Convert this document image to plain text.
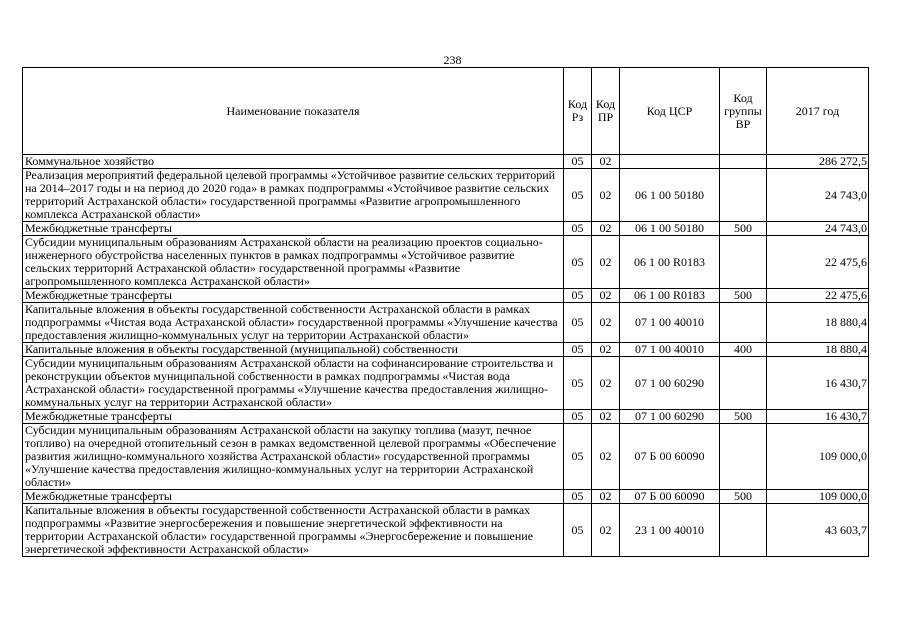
238
Наименование показателя	Код Рз	Код ПР	Код ЦСР	Код группы ВР	2017 год
Коммунальное хозяйство	05	02			286 272,5
Реализация мероприятий федеральной целевой программы «Устойчивое развитие сельских территорий на 2014–2017 годы и на период до 2020 года» в рамках подпрограммы «Устойчивое развитие сельских территорий Астраханской области» государственной программы «Развитие агропромышленного комплекса Астраханской области»	05	02	06 1 00 50180		24 743,0
Межбюджетные трансферты	05	02	06 1 00 50180	500	24 743,0
Субсидии муниципальным образованиям Астраханской области на реализацию проектов социально-инженерного обустройства населенных пунктов в рамках подпрограммы «Устойчивое развитие сельских территорий Астраханской области» государственной программы «Развитие агропромышленного комплекса Астраханской области»	05	02	06 1 00 R0183		22 475,6
Межбюджетные трансферты	05	02	06 1 00 R0183	500	22 475,6
Капитальные вложения в объекты государственной собственности Астраханской области в рамках подпрограммы «Чистая вода Астраханской области» государственной программы «Улучшение качества предоставления жилищно-коммунальных услуг на территории Астраханской области»	05	02	07 1 00 40010		18 880,4
Капитальные вложения в объекты государственной (муниципальной) собственности	05	02	07 1 00 40010	400	18 880,4
Субсидии муниципальным образованиям Астраханской области на софинансирование строительства и реконструкции объектов муниципальной собственности в рамках подпрограммы «Чистая вода Астраханской области» государственной программы «Улучшение качества предоставления жилищно-коммунальных услуг на территории Астраханской области»	05	02	07 1 00 60290		16 430,7
Межбюджетные трансферты	05	02	07 1 00 60290	500	16 430,7
Субсидии муниципальным образованиям Астраханской области на закупку топлива (мазут, печное топливо) на очередной отопительный сезон в рамках ведомственной целевой программы «Обеспечение развития жилищно-коммунального хозяйства Астраханской области» государственной программы «Улучшение качества предоставления жилищно-коммунальных услуг на территории Астраханской области»	05	02	07 Б 00 60090		109 000,0
Межбюджетные трансферты	05	02	07 Б 00 60090	500	109 000,0
Капитальные вложения в объекты государственной собственности Астраханской области в рамках подпрограммы «Развитие энергосбережения и повышение энергетической эффективности на территории Астраханской области» государственной программы «Энергосбережение и повышение энергетической эффективности Астраханской области»	05	02	23 1 00 40010		43 603,7
